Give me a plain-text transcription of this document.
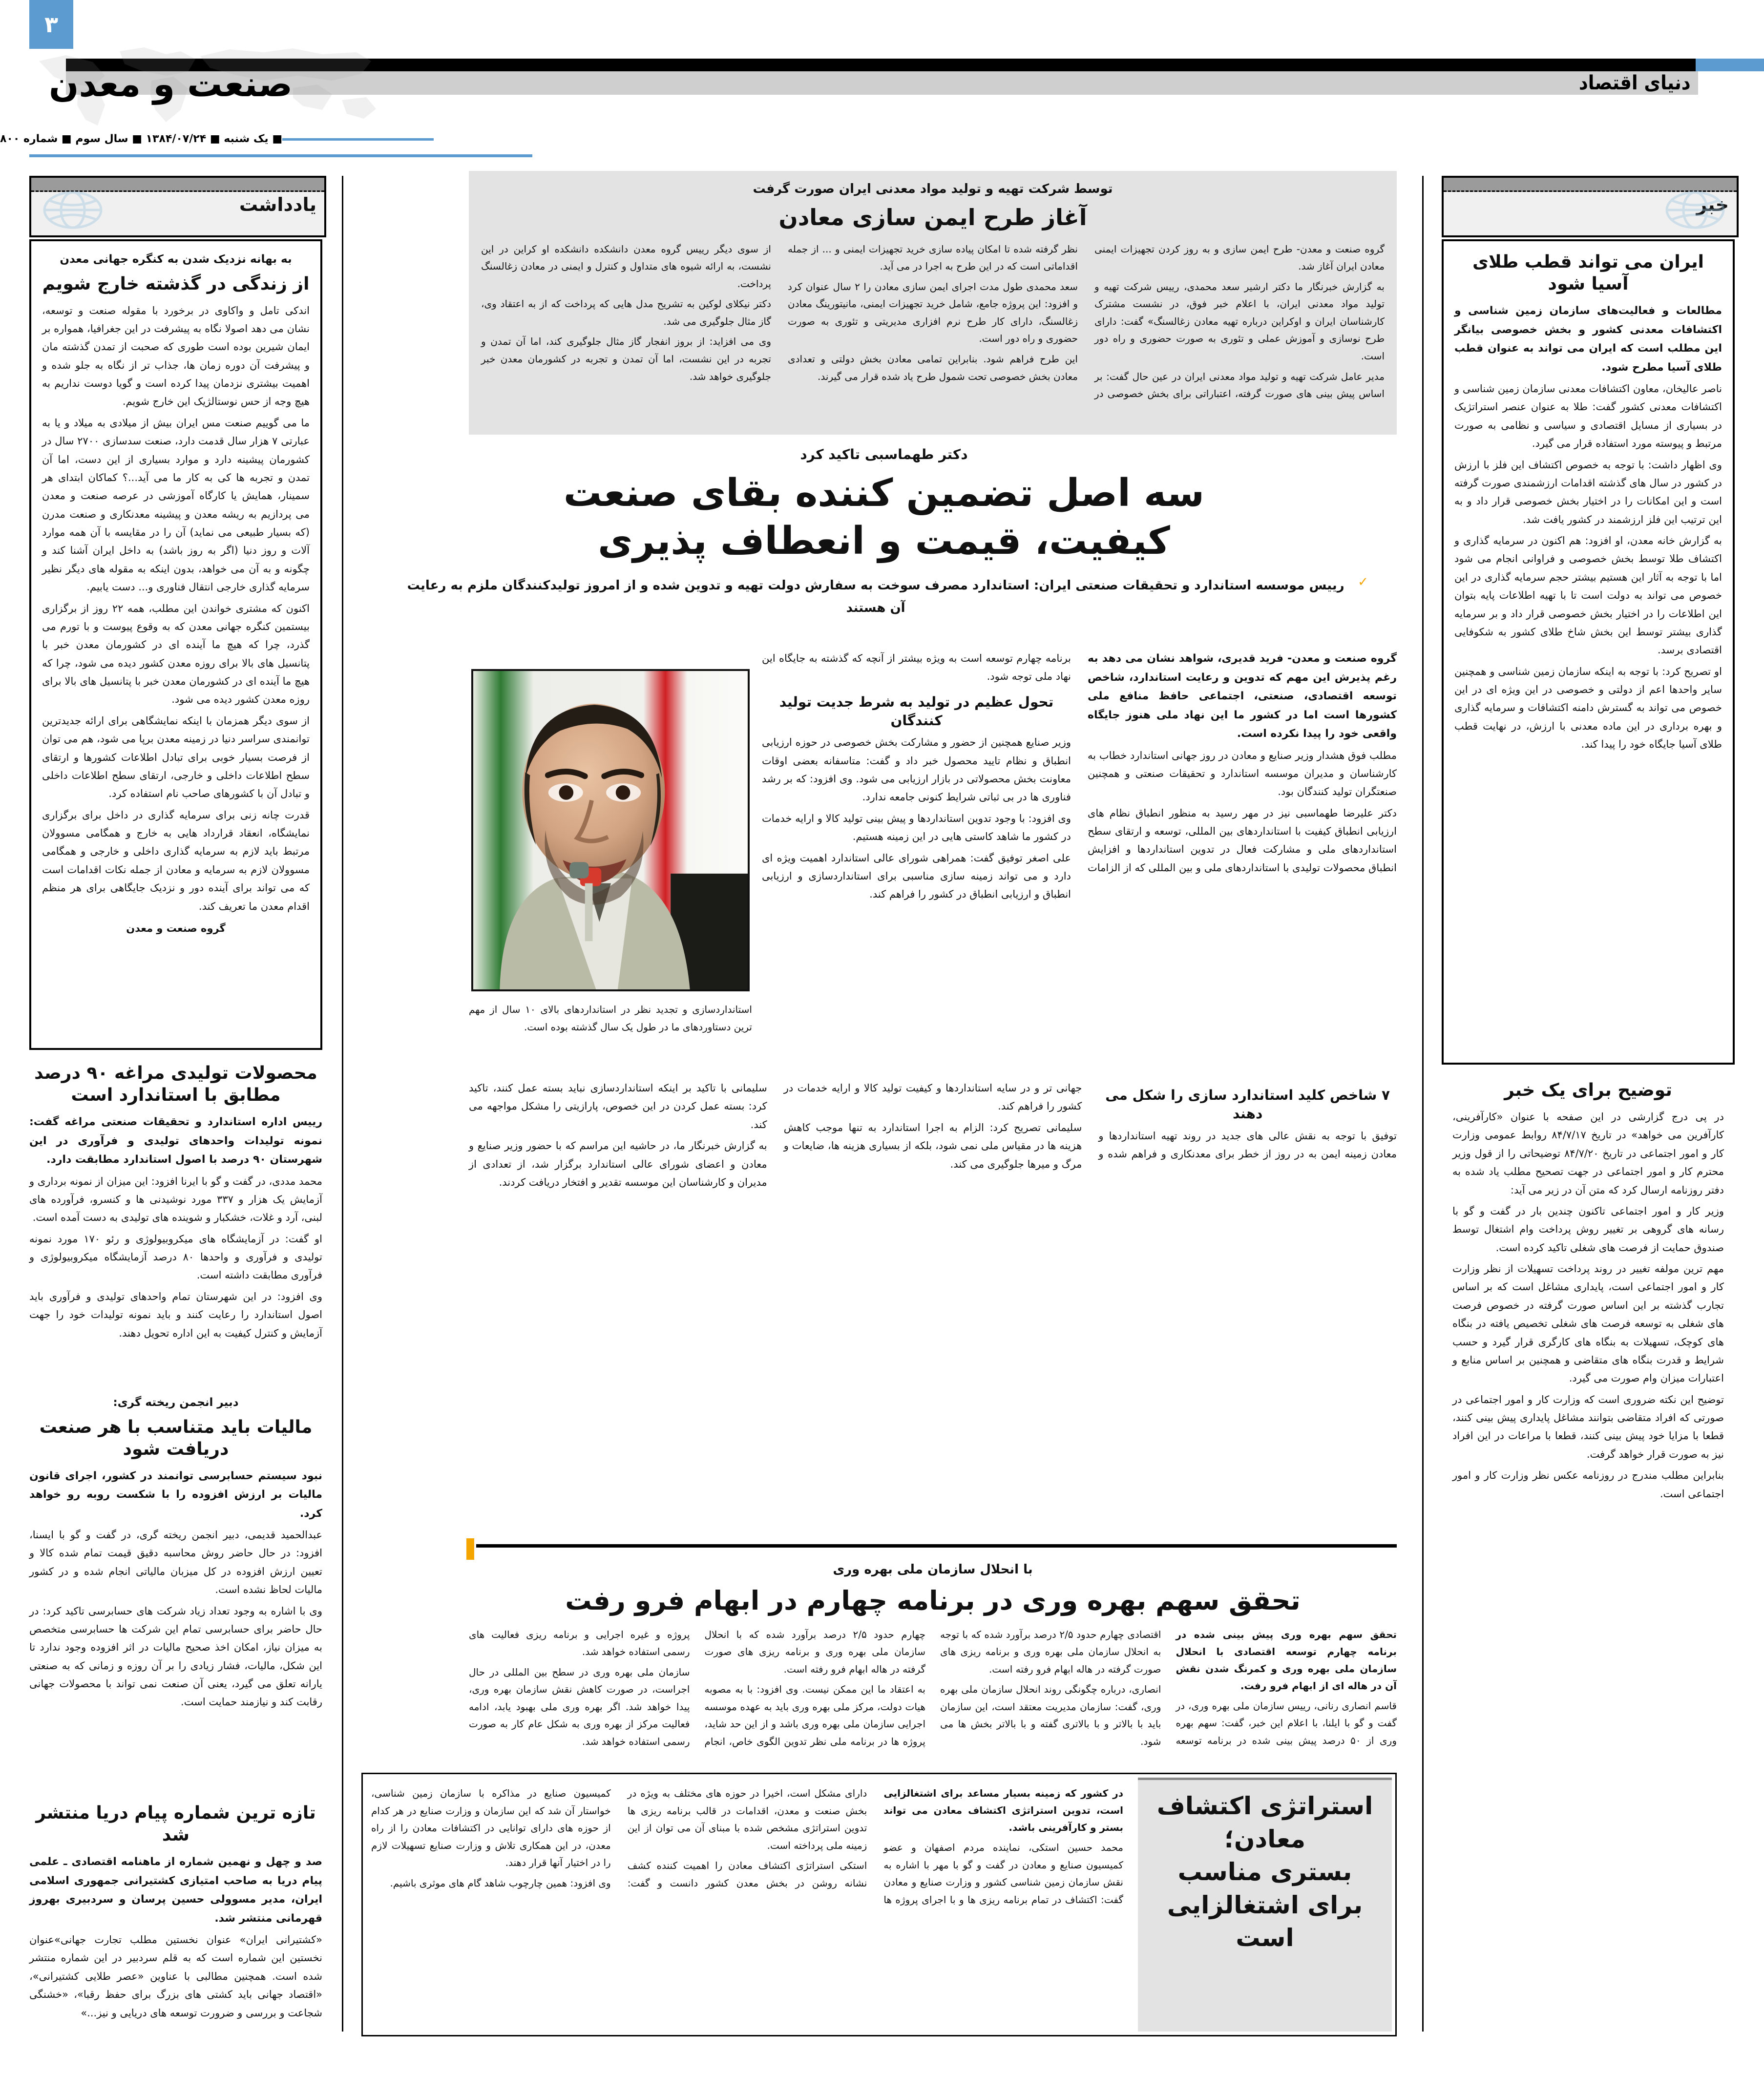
دنیای اقتصاد
۳
صنعت و معدن
■ یک شنبه ■ ۱۳۸۴/۰۷/۲۴ ■ سال سوم ■ شماره ۸۰۰
یادداشت
به بهانه نزدیک شدن به کنگره جهانی معدن
از زندگی در گذشته خارج شویم

اندکی تامل و واکاوی در برخورد با مقوله صنعت و توسعه، نشان می دهد اصولا نگاه به پیشرفت در این جغرافیا، همواره بر ایمان شیرین بوده است طوری که صحبت از تمدن گذشته مان و پیشرفت آن دوره زمان ها، جذاب تر از نگاه به جلو شده و اهمیت بیشتری نزدمان پیدا کرده است و گویا دوست نداریم به هیچ وجه از حس نوستالژیک این خارج شویم.

ما می گوییم صنعت مس ایران بیش از میلادی به میلاد و یا به عبارتی ۷ هزار سال قدمت دارد، صنعت سدسازی ۲۷۰۰ سال در کشورمان پیشینه دارد و موارد بسیاری از این دست، اما آن تمدن و تجربه ها کی به کار ما می آید...؟ کماکان ابتدای هر سمینار، همایش یا کارگاه آموزشی در عرصه صنعت و معدن می پردازیم به ریشه معدن و پیشینه معدنکاری و صنعت مدرن (که بسیار طبیعی می نماید) آن را در مقایسه با آن همه موارد آلات و روز دنیا (اگر به روز باشد) به داخل ایران آشنا کند و چگونه و به آن می خواهد، بدون اینکه به مقوله های دیگر نظیر سرمایه گذاری خارجی انتقال فناوری و... دست یابیم.

اکنون که مشتری خواندن این مطلب، همه ۲۲ روز از برگزاری بیستمین کنگره جهانی معدن که به وقوع پیوست و با تورم می گذرد، چرا که هیچ ما آینده ای در کشورمان معدن خبر با پتانسیل های بالا برای روزه معدن کشور دیده می شود، چرا که هیچ ما آینده ای در کشورمان معدن خبر با پتانسیل های بالا برای روزه معدن کشور دیده می شود.

از سوی دیگر همزمان با اینکه نمایشگاهی برای ارائه جدیدترین توانمندی سراسر دنیا در زمینه معدن برپا می شود، هم می توان از فرصت بسیار خوبی برای تبادل اطلاعات کشورها و ارتقای سطح اطلاعات داخلی و خارجی، ارتقای سطح اطلاعات داخلی و تبادل آن با کشورهای صاحب نام استفاده کرد.

قدرت چانه زنی برای سرمایه گذاری در داخل برای برگزاری نمایشگاه، انعقاد قرارداد هایی به خارج و همگامی مسوولان مرتبط باید لازم به سرمایه گذاری داخلی و خارجی و همگامی مسوولان لازم به سرمایه و معادن از جمله نکات اقدامات است که می تواند برای آینده دور و نزدیک جایگاهی برای هر منظم اقدام معدن ما تعریف کند.

گروه صنعت و معدن
محصولات تولیدی مراغه ۹۰ درصد مطابق با استاندارد است

رییس اداره استاندارد و تحقیقات صنعتی مراغه گفت: نمونه تولیدات واحدهای تولیدی و فرآوری در این شهرستان ۹۰ درصد با اصول استاندارد مطابقت دارد.

محمد مددی، در گفت و گو با ایرنا افزود: این میزان از نمونه برداری و آزمایش یک هزار و ۳۳۷ مورد نوشیدنی ها و کنسرو، فرآورده های لبنی، آرد و غلات، خشکبار و شوینده های تولیدی به دست آمده است.

او گفت: در آزمایشگاه های میکروبیولوژی و رئو ۱۷۰ مورد نمونه تولیدی و فرآوری و واحدها ۸۰ درصد آزمایشگاه میکروبیولوژی و فرآوری مطابقت داشته است.

وی افزود: در این شهرستان تمام واحدهای تولیدی و فرآوری باید اصول استاندارد را رعایت کنند و باید نمونه تولیدات خود را جهت آزمایش و کنترل کیفیت به این اداره تحویل دهند.

دبیر انجمن ریخته گری:
مالیات باید متناسب با هر صنعت دریافت شود

نبود سیستم حسابرسی توانمند در کشور، اجرای قانون مالیات بر ارزش افزوده را با شکست روبه رو خواهد کرد.

عبدالحمید قدیمی، دبیر انجمن ریخته گری، در گفت و گو با ایسنا، افزود: در حال حاضر روش محاسبه دقیق قیمت تمام شده کالا و تعیین ارزش افزوده در کل میزبان مالیاتی انجام شده و در کشور مالیات لحاظ نشده است.

وی با اشاره به وجود تعداد زیاد شرکت های حسابرسی تاکید کرد: در حال حاضر برای حسابرسی تمام این شرکت ها حسابرسی متخصص به میزان نیاز، امکان اخذ صحیح مالیات در اثر افزوده وجود ندارد تا این شکل، مالیات، فشار زیادی را بر آن روزه و زمانی که به صنعتی یارانه تعلق می گیرد، یعنی آن صنعت نمی تواند با محصولات جهانی رقابت کند و نیازمند حمایت است.

تازه ترین شماره پیام دریا منتشر شد

صد و چهل و نهمین شماره از ماهنامه اقتصادی ـ علمی پیام دریا به صاحب امتیازی کشتیرانی جمهوری اسلامی ایران، مدیر مسوولی حسین پرسان و سردبیری بهروز قهرمانی منتشر شد.

«کشتیرانی ایران» عنوان نخستین مطلب تجارت جهانی»عنوان نخستین این شماره است که به قلم سردبیر در این شماره منتشر شده است. همچنین مطالبی با عناوین «عصر طلایی کشتیرانی»، «اقتصاد جهانی باید کشتی های بزرگ برای حفظ رقبا»، «خشنگی شجاعت و بررسی و ضرورت توسعه های دریایی و نیز...»

خبر
ایران می تواند قطب طلای آسیا شود

مطالعات و فعالیت‌های سازمان زمین شناسی و اکتشافات معدنی کشور و بخش خصوصی بیانگر این مطلب است که ایران می تواند به عنوان قطب طلای آسیا مطرح شود.

ناصر عالیخان، معاون اکتشافات معدنی سازمان زمین شناسی و اکتشافات معدنی کشور گفت: طلا به عنوان عنصر استراتژیک در بسیاری از مسایل اقتصادی و سیاسی و نظامی به صورت مرتبط و پیوسته مورد استفاده قرار می گیرد.

وی اظهار داشت: با توجه به خصوص اکتشاف این فلز با ارزش در کشور در سال های گذشته اقدامات ارزشمندی صورت گرفته است و این امکانات را در اختیار بخش خصوصی قرار داد و به این ترتیب این فلز ارزشمند در کشور یافت شد.

به گزارش خانه معدن، او افزود: هم اکنون در سرمایه گذاری و اکتشاف طلا توسط بخش خصوصی و فراوانی انجام می شود اما با توجه به آثار این هستیم بیشتر حجم سرمایه گذاری در این خصوص می تواند به دولت است تا با تهیه اطلاعات پایه بتوان این اطلاعات را در اختیار بخش خصوصی قرار داد و بر سرمایه گذاری بیشتر توسط این بخش شاخ طلای کشور به شکوفایی اقتصادی برسد.

او تصریح کرد: با توجه به اینکه سازمان زمین شناسی و همچنین سایر واحدها اعم از دولتی و خصوصی در این ویژه ای در این خصوص می تواند به گسترش دامنه اکتشافات و سرمایه گذاری و بهره برداری در این ماده معدنی با ارزش، در نهایت قطب طلای آسیا جایگاه خود را پیدا کند.

توضیح برای یک خبر

در پی درج گزارشی در این صفحه با عنوان «کارآفرینی، کارآفرین می خواهد» در تاریخ ۸۴/۷/۱۷ روابط عمومی وزارت کار و امور اجتماعی در تاریخ ۸۴/۷/۲۰ توضیحاتی را از قول وزیر محترم کار و امور اجتماعی در جهت تصحیح مطلب یاد شده به دفتر روزنامه ارسال کرد که متن آن در زیر می آید:

وزیر کار و امور اجتماعی تاکنون چندین بار در گفت و گو با رسانه های گروهی بر تغییر روش پرداخت وام اشتغال توسط صندوق حمایت از فرصت های شغلی تاکید کرده است.

مهم ترین مولفه تغییر در روند پرداخت تسهیلات از نظر وزارت کار و امور اجتماعی است، پایداری مشاغل است که بر اساس تجارب گذشته بر این اساس صورت گرفته در خصوص فرصت های شغلی به توسعه فرصت های شغلی تخصیص یافته در بنگاه های کوچک، تسهیلات به بنگاه های کارگری قرار گیرد و حسب شرایط و قدرت بنگاه های متقاضی و همچنین بر اساس منابع و اعتبارات میزان وام صورت می گیرد.

توضیح این نکته ضروری است که وزارت کار و امور اجتماعی در صورتی که افراد متقاضی بتوانند مشاغل پایداری پیش بینی کنند، قطعا با مزایا خود پیش بینی کنند، قطعا با مراعات در این افراد نیز به صورت قرار خواهد گرفت.

بنابراین مطلب مندرج در روزنامه عکس نظر وزارت کار و امور اجتماعی است.

توسط شرکت تهیه و تولید مواد معدنی ایران صورت گرفت
آغاز طرح ایمن سازی معادن

گروه صنعت و معدن- طرح ایمن سازی و به روز کردن تجهیزات ایمنی معادن ایران آغاز شد.

به گزارش خبرنگار ما دکتر ارشیر سعد محمدی، رییس شرکت تهیه و تولید مواد معدنی ایران، با اعلام خبر فوق، در نشست مشترک کارشناسان ایران و اوکراین درباره تهیه معادن زغالسنگ» گفت: دارای طرح نوسازی و آموزش عملی و تئوری به صورت حضوری و راه دور است.

مدیر عامل شرکت تهیه و تولید مواد معدنی ایران در عین حال گفت: بر اساس پیش بینی های صورت گرفته، اعتباراتی برای بخش خصوصی در نظر گرفته شده تا امکان پیاده سازی خرید تجهیزات ایمنی و ... از جمله اقداماتی است که در این طرح به اجرا در می آید.

سعد محمدی طول مدت اجرای ایمن سازی معادن را ۲ سال عنوان کرد و افزود: این پروژه جامع، شامل خرید تجهیزات ایمنی، مانیتورینگ معادن زغالسنگ، دارای کار طرح نرم افزاری مدیریتی و تئوری به صورت حضوری و راه دور است.

این طرح فراهم شود. بنابراین تمامی معادن بخش دولتی و تعدادی معادن بخش خصوصی تحت شمول طرح یاد شده قرار می گیرند.

از سوی دیگر رییس گروه معدن دانشکده دانشکده او کراین در این نشست، به ارائه شیوه های متداول و کنترل و ایمنی در معادن زغالسنگ پرداخت.

دکتر نیکلای لوکین به تشریح مدل هایی که پرداخت که از به اعتقاد وی، گاز مثال جلوگیری می شد.

وی می افزاید: از بروز انفجار گاز مثال جلوگیری کند، اما آن تمدن و تجربه در این نشست، اما آن تمدن و تجربه در کشورمان معدن خبر جلوگیری خواهد شد.

دکتر طهماسبی تاکید کرد
سه اصل تضمین کننده بقای صنعت
کیفیت، قیمت و انعطاف پذیری
✓
رییس موسسه استاندارد و تحقیقات صنعتی ایران: استاندارد مصرف سوخت به سفارش دولت تهیه و تدوین شده و از امروز تولیدکنندگان ملزم به رعایت آن هستند
استانداردسازی و تجدید نظر در استانداردهای بالای ۱۰ سال از مهم ترین دستاوردهای ما در طول یک سال گذشته بوده است.

گروه صنعت و معدن- فرید قدیری، شواهد نشان می دهد به رغم پذیرش این مهم که تدوین و رعایت استاندارد، شاخص توسعه اقتصادی، صنعتی، اجتماعی حافظ منافع ملی کشورها است اما در کشور ما این نهاد ملی هنوز جایگاه واقعی خود را پیدا نکرده است.

مطلب فوق هشدار وزیر صنایع و معادن در روز جهانی استاندارد خطاب به کارشناسان و مدیران موسسه استاندارد و تحقیقات صنعتی و همچنین صنعتگران تولید کنندگان بود.

دکتر علیرضا طهماسبی نیز در مهر رسید به منظور انطباق نظام های ارزیابی انطباق کیفیت با استانداردهای بین المللی، توسعه و ارتقای سطح استانداردهای ملی و مشارکت فعال در تدوین استانداردها و افزایش انطباق محصولات تولیدی با استانداردهای ملی و بین المللی که از الزامات برنامه چهارم توسعه است به ویژه بیشتر از آنچه که گذشته به جایگاه این نهاد ملی توجه شود.

تحول عظیم در تولید به شرط جدیت تولید کنندگان

وزیر صنایع همچنین از حضور و مشارکت بخش خصوصی در حوزه ارزیابی انطباق و نظام تایید محصول خبر داد و گفت: متاسفانه بعضی اوقات معاونت بخش محصولاتی در بازار ارزیابی می شود. وی افزود: که بر رشد فناوری ها در بی ثباتی شرایط کنونی جامعه ندارد.

وی افزود: با وجود تدوین استانداردها و پیش بینی تولید کالا و ارایه خدمات در کشور ما شاهد کاستی هایی در این زمینه هستیم.

علی اصغر توفیق گفت: همراهی شورای عالی استاندارد اهمیت ویژه ای دارد و می تواند زمینه سازی مناسبی برای استانداردسازی و ارزیابی انطباق و ارزیابی انطباق در کشور را فراهم کند.

۷ شاخص کلید استاندارد سازی را شکل می دهند

توفیق با توجه به نقش عالی های جدید در روند تهیه استانداردها و معادن زمینه ایمن به در روز از خطر برای معدنکاری و فراهم شده و جهانی تر و در سایه استانداردها و کیفیت تولید کالا و ارایه خدمات در کشور را فراهم کند.

سلیمانی تصریح کرد: الزام به اجرا استاندارد به تنها موجب کاهش هزینه ها در مقیاس ملی نمی شود، بلکه از بسیاری هزینه ها، ضایعات و مرگ و میرها جلوگیری می کند.

سلیمانی با تاکید بر اینکه استانداردسازی نباید بسته عمل کنند، تاکید کرد: بسته عمل کردن در این خصوص، پارازیتی را مشکل مواجهه می کند.

به گزارش خبرنگار ما، در حاشیه این مراسم که با حضور وزیر صنایع و معادن و اعضای شورای عالی استاندارد برگزار شد، از تعدادی از مدیران و کارشناسان این موسسه تقدیر و افتخار دریافت کردند.

با انحلال سازمان ملی بهره وری
تحقق سهم بهره وری در برنامه چهارم در ابهام فرو رفت

تحقق سهم بهره وری پیش بینی شده در برنامه چهارم توسعه اقتصادی با انحلال سازمان ملی بهره وری و کمرنگ شدن نقش آن در هاله ای از ابهام فرو رفت.

قاسم انصاری رنانی، رییس سازمان ملی بهره وری، در گفت و گو با ایلنا، با اعلام این خبر، گفت: سهم بهره وری از ۵۰ درصد پیش بینی شده در برنامه توسعه اقتصادی چهارم حدود ۲/۵ درصد برآورد شده که با توجه به انحلال سازمان ملی بهره وری و برنامه ریزی های صورت گرفته در هاله ابهام فرو رفته است.

انصاری، درباره چگونگی روند انحلال سازمان ملی بهره وری، گفت: سازمان مدیریت معتقد است، این سازمان باید با بالاتر و با بالاتری گفته و با بالاتر بخش ها می شود.

چهارم حدود ۲/۵ درصد برآورد شده که با انحلال سازمان ملی بهره وری و برنامه ریزی های صورت گرفته در هاله ابهام فرو رفته است.

به اعتقاد ما این ممکن نیست. وی افزود: با به مصوبه هیات دولت، مرکز ملی بهره وری باید به عهده موسسه اجرایی سازمان ملی بهره وری باشد و از این حد شاید، پروژه ها در برنامه ملی نظر تدوین الگوی خاص، انجام پروژه و غیره اجرایی و برنامه ریزی فعالیت های رسمی استفاده خواهد شد.

سازمان ملی بهره وری در سطح بین المللی در حال اجراست، در صورت کاهش نقش سازمان بهره وری، پیدا خواهد شد. اگر بهره وری ملی بهبود یابد، ادامه فعالیت مرکز از بهره وری به شکل عام کار به صورت رسمی استفاده خواهد شد.

استراتژی اکتشاف
معادن؛
بستری مناسب
برای اشتغالزایی است

در کشور که زمینه بسیار مساعد برای اشتغالزایی است، تدوین استراتژی اکتشاف معادن می تواند بستر و کارآفرینی باشد.

محمد حسین استکی، نماینده مردم اصفهان و عضو کمیسیون صنایع و معادن در گفت و گو با مهر با اشاره به نقش سازمان زمین شناسی کشور و وزارت صنایع و معادن گفت: اکتشاف در تمام برنامه ریزی ها و با اجرای پروژه ها دارای مشکل است، اخیرا در حوزه های مختلف به ویژه در بخش صنعت و معدن، اقدامات در قالب برنامه ریزی ها تدوین استراتژی مشخص شده با مبنای آن می توان از این زمینه ملی پرداخته است.

استکی استراتژی اکتشاف معادن را اهمیت کننده کشف نشانه روشن در بخش معدن کشور دانست و گفت: کمیسیون صنایع در مذاکره با سازمان زمین شناسی، خواستار آن شد که این سازمان و وزارت صنایع در هر کدام از حوزه های دارای توانایی در اکتشافات معادن را از راه معدن، در این همکاری تلاش و وزارت صنایع تسهیلات لازم را در اختیار آنها قرار دهند.

وی افزود: همین چارچوب شاهد گام های موثری باشیم.
